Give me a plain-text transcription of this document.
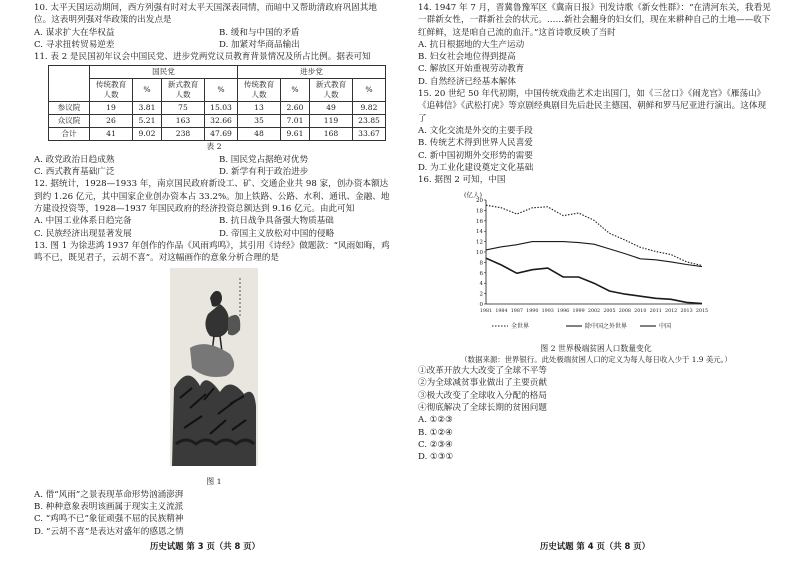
10. 太平天国运动期间，西方列强有时对太平天国深表同情，而暗中又帮助清政府巩固其地位。这表明列强对华政策的出发点是

A. 谋求扩大在华权益	B. 缓和与中国的矛盾
C. 寻求扭转贸易逆差	D. 加紧对华商品输出

11. 表 2 是民国初年议会中国民党、进步党两党议员教育背景情况及所占比例。据表可知

	国民党				进步党			
	传统教育人数	%	新式教育人数	%	传统教育人数	%	新式教育人数	%
参议院	19	3.81	75	15.03	13	2.60	49	9.82
众议院	26	5.21	163	32.66	35	7.01	119	23.85
合计	41	9.02	238	47.69	48	9.61	168	33.67
表 2
A. 政党政治日趋成熟	B. 国民党占据绝对优势
C. 西式教育基础广泛	D. 新学有利于政治进步

12. 据统计，1928—1933 年，南京国民政府新设工、矿、交通企业共 98 家，创办资本额达到约 1.26 亿元，其中国家企业创办资本占 33.2%。加上铁路、公路、水利、通讯、金融、地方建设投资等，1928—1937 年国民政府的经济投资总额达到 9.16 亿元。由此可知

A. 中国工业体系日趋完备	B. 抗日战争具备强大物质基础
C. 民族经济出现显著发展	D. 帝国主义放松对中国的侵略

13. 图 1 为徐悲鸿 1937 年创作的作品《风雨鸡鸣》，其引用《诗经》做题款：“风雨如晦，鸡鸣不已，既见君子，云胡不喜”。对这幅画作的意象分析合理的是

图 1
A. 借“风雨”之景表现革命形势汹涌澎湃
B. 种种意象表明该画属于现实主义流派
C. “鸡鸣不已”象征顽强不屈的民族精神
D. “云胡不喜”是表达对盛年的感恩之情
历史试题 第 3 页（共 8 页）

14. 1947 年 7 月，晋冀鲁豫军区《冀南日报》刊发诗歌《新女性群》：“在清河东关，我看见一群新女性，一群新社会的状元。……新社会翻身的妇女们，现在来耕种自己的土地——收下红鲜鲜，这是咱自己流的血汗。”这首诗歌反映了当时

A. 抗日根据地的大生产运动
B. 妇女社会地位得到提高
C. 解放区开始重视劳动教育
D. 自然经济已经基本解体

15. 20 世纪 50 年代初期，中国传统戏曲艺术走出国门，如《三岔口》《闹龙宫》《雁荡山》《追韩信》《武松打虎》等京剧经典剧目先后赴民主德国、朝鲜和罗马尼亚进行演出。这体现了

A. 文化交流是外交的主要手段
B. 传统艺术得到世界人民喜爱
C. 新中国初期外交形势的需要
D. 为工业化建设奠定文化基础

16. 据图 2 可知，中国

(亿人)
0
2
4
6
8
10
12
14
16
18
20
1981 1984 1987 1990 1993 1996 1999 2002 2005 2008 2010 2011 2012 2013 2015
全世界	除中国之外世界	中国
图 2 世界极端贫困人口数量变化
（数据来源：世界银行。此处极端贫困人口的定义为每人每日收入少于 1.9 美元。）
①改革开放大大改变了全球不平等
②为全球减贫事业做出了主要贡献
③极大改变了全球收入分配的格局
④彻底解决了全球长期的贫困问题
A. ①②③
B. ①②④
C. ②③④
D. ①③①
历史试题 第 4 页（共 8 页）
